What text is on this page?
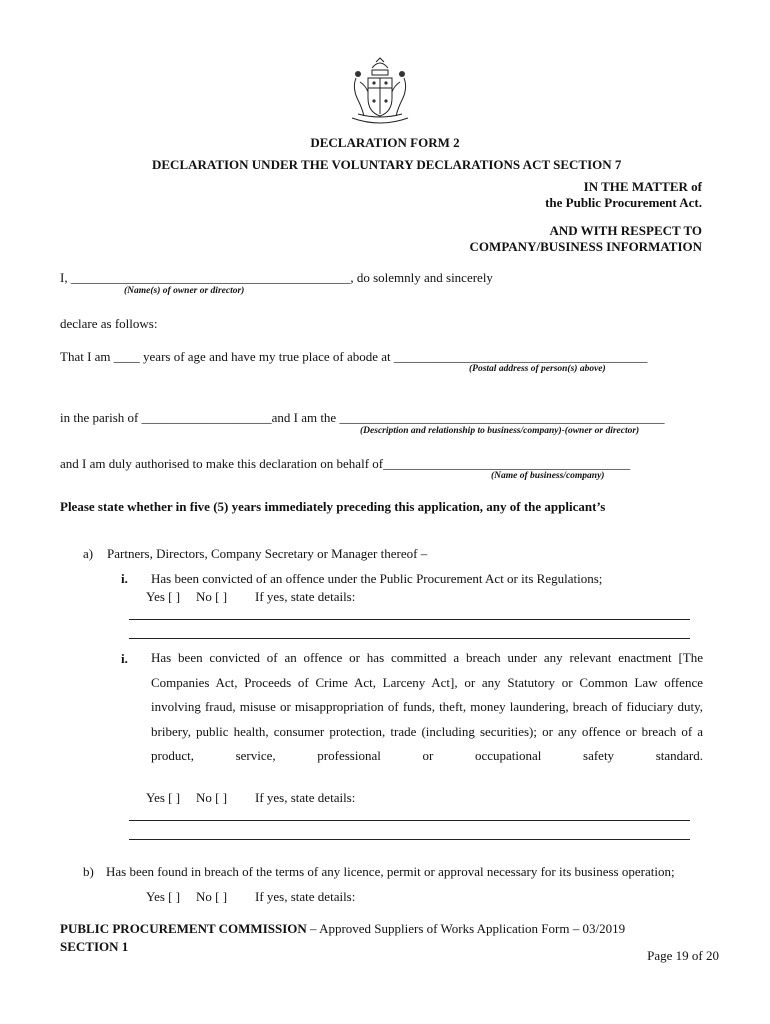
DECLARATION FORM 2
DECLARATION UNDER THE VOLUNTARY DECLARATIONS ACT SECTION 7
IN THE MATTER of
the Public Procurement Act.
AND WITH RESPECT TO
COMPANY/BUSINESS INFORMATION
I, ___________________________________________, do solemnly and sincerely
(Name(s) of owner or director)
declare as follows:
That I am ____ years of age and have my true place of abode at _______________________________________
(Postal address of person(s) above)
in the parish of ____________________and I am the __________________________________________________
(Description and relationship to business/company)-(owner or director)
and I am duly authorised to make this declaration on behalf of______________________________________
(Name of business/company)
Please state whether in five (5) years immediately preceding this application, any of the applicant’s
a) Partners, Directors, Company Secretary or Manager thereof –
i. Has been convicted of an offence under the Public Procurement Act or its Regulations;
Yes [ ] No [ ] If yes, state details:
i. Has been convicted of an offence or has committed a breach under any relevant enactment [The Companies Act, Proceeds of Crime Act, Larceny Act], or any Statutory or Common Law offence involving fraud, misuse or misappropriation of funds, theft, money laundering, breach of fiduciary duty, bribery, public health, consumer protection, trade (including securities); or any offence or breach of a product, service, professional or occupational safety standard.
Yes [ ] No [ ] If yes, state details:
b) Has been found in breach of the terms of any licence, permit or approval necessary for its business operation;
Yes [ ] No [ ] If yes, state details:
PUBLIC PROCUREMENT COMMISSION – Approved Suppliers of Works Application Form – 03/2019
SECTION 1
Page 19 of 20
